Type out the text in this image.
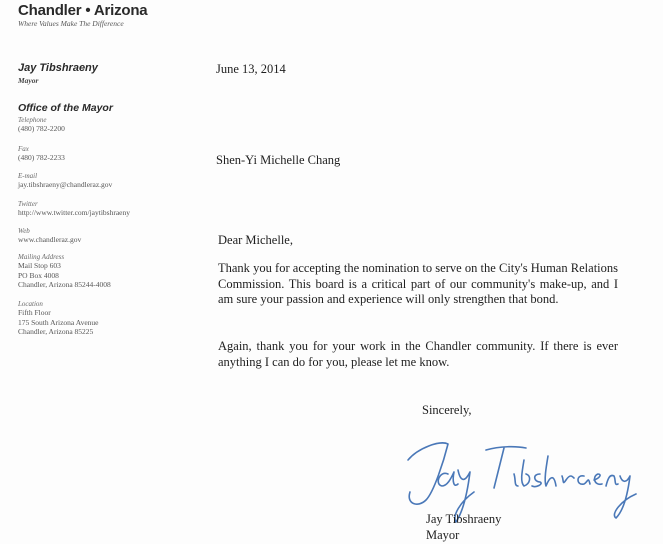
Chandler • Arizona
Where Values Make The Difference
Jay Tibshraeny
Mayor
Office of the Mayor
Telephone
(480) 782-2200
Fax
(480) 782-2233
E-mail
jay.tibshraeny@chandleraz.gov
Twitter
http://www.twitter.com/jaytibshraeny
Web
www.chandleraz.gov
Mailing Address
Mail Stop 603
PO Box 4008
Chandler, Arizona 85244-4008
Location
Fifth Floor
175 South Arizona Avenue
Chandler, Arizona 85225
June 13, 2014
Shen-Yi Michelle Chang
Dear Michelle,
Thank you for accepting the nomination to serve on the City's Human Relations Commission. This board is a critical part of our community's make-up, and I am sure your passion and experience will only strengthen that bond.
Again, thank you for your work in the Chandler community. If there is ever anything I can do for you, please let me know.
Sincerely,
Jay Tibshraeny
Mayor
